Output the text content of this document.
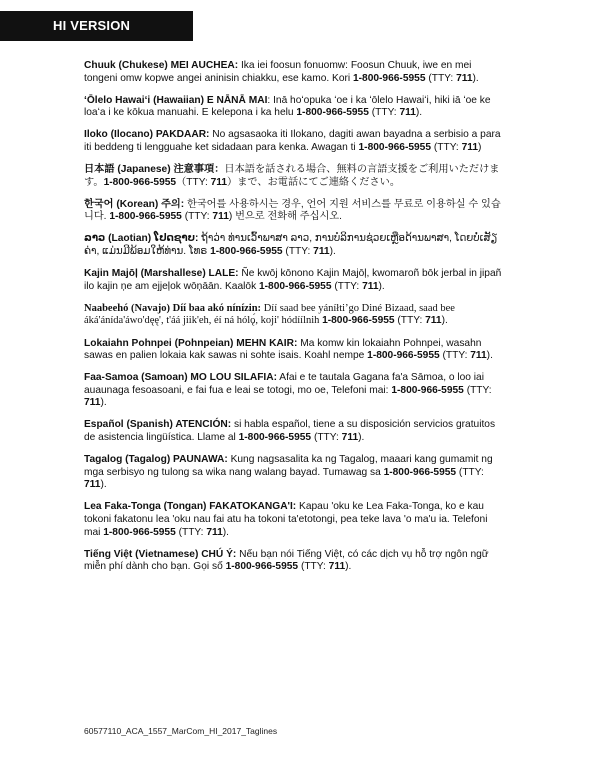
HI VERSION

Chuuk (Chukese) MEI AUCHEA: Ika iei foosun fonuomw: Foosun Chuuk, iwe en mei tongeni omw kopwe angei aninisin chiakku, ese kamo. Kori 1-800-966-5955 (TTY: 711).

ʻŌlelo Hawaiʻi (Hawaiian) E NĀNĀ MAI: Inā hoʻopuka ʻoe i ka ʻōlelo Hawaiʻi, hiki iā ʻoe ke loaʻa i ke kōkua manuahi. E kelepona i ka helu 1-800-966-5955 (TTY: 711).

Iloko (Ilocano) PAKDAAR: No agsasaoka iti Ilokano, dagiti awan bayadna a serbisio a para iti beddeng ti lengguahe ket sidadaan para kenka. Awagan ti 1-800-966-5955 (TTY: 711)

日本語 (Japanese) 注意事項：日本語を話される場合、無料の言語支援をご利用いただけます。1-800-966-5955（TTY: 711）まで、お電話にてご連絡ください。

한국어 (Korean) 주의: 한국어를 사용하시는 경우, 언어 지원 서비스를 무료로 이용하실 수 있습니다. 1-800-966-5955 (TTY: 711) 번으로 전화해 주십시오.

ລາວ (Laotian) ໂປດຊາບ: ຖ້າວ່າ ທ່ານເວົ້າພາສາ ລາວ, ການບໍລິການຊ່ວຍເຫຼືອດ້ານພາສາ, ໂດຍບໍ່ເສັຽຄ່າ, ແມ່ນມີພ້ອມໃຫ້ທ່ານ. ໂທຣ 1-800-966-5955 (TTY: 711).

Kajin Majōļ (Marshallese) LALE: Ñe kwōj kōnono Kajin Majōļ, kwomaroñ bōk jerbal in jipañ ilo kajin ņe am ejjeļok wōņāān. Kaalōk 1-800-966-5955 (TTY: 711).

Naabeehó (Navajo) Díí baa akó nínízin: Díí saad bee yáníłtiʼgo Diné Bizaad, saad bee áká'ánída'áwo'dęę', t'áá jiik'eh, éí ná hólǫ́, koji' hódíílnih 1-800-966-5955 (TTY: 711).

Lokaiahn Pohnpei (Pohnpeian) MEHN KAIR: Ma komw kin lokaiahn Pohnpei, wasahn sawas en palien lokaia kak sawas ni sohte isais. Koahl nempe 1-800-966-5955 (TTY: 711).

Faa-Samoa (Samoan) MO LOU SILAFIA: Afai e te tautala Gagana fa'a Sāmoa, o loo iai auaunaga fesoasoani, e fai fua e leai se totogi, mo oe, Telefoni mai: 1-800-966-5955 (TTY: 711).

Español (Spanish) ATENCIÓN: si habla español, tiene a su disposición servicios gratuitos de asistencia lingüística. Llame al 1-800-966-5955 (TTY: 711).

Tagalog (Tagalog) PAUNAWA: Kung nagsasalita ka ng Tagalog, maaari kang gumamit ng mga serbisyo ng tulong sa wika nang walang bayad. Tumawag sa 1-800-966-5955 (TTY: 711).

Lea Faka-Tonga (Tongan) FAKATOKANGA'I: Kapau 'oku ke Lea Faka-Tonga, ko e kau tokoni fakatonu lea 'oku nau fai atu ha tokoni ta'etotongi, pea teke lava 'o ma'u ia. Telefoni mai 1-800-966-5955 (TTY: 711).

Tiếng Việt (Vietnamese) CHÚ Ý: Nếu bạn nói Tiếng Việt, có các dịch vụ hỗ trợ ngôn ngữ miễn phí dành cho bạn. Gọi số 1-800-966-5955 (TTY: 711).

60577110_ACA_1557_MarCom_HI_2017_Taglines
